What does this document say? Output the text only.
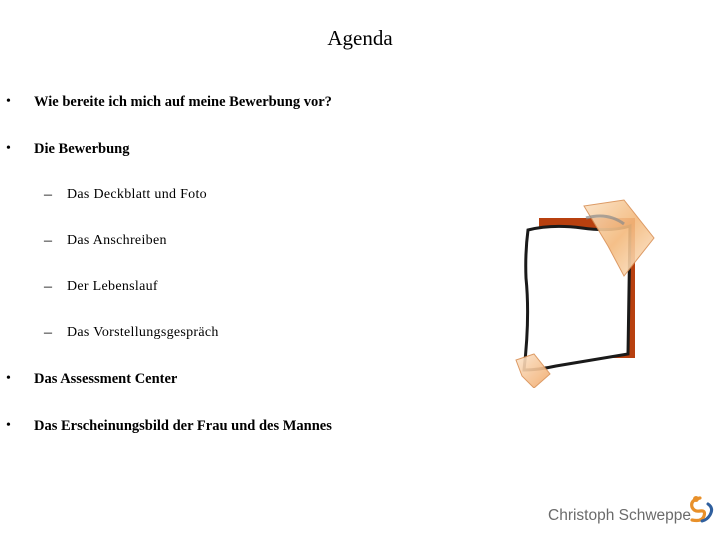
Agenda
• Wie bereite ich mich auf meine Bewerbung vor?
• Die Bewerbung
– Das Deckblatt und Foto
– Das Anschreiben
– Der Lebenslauf
– Das Vorstellungsgespräch
• Das Assessment Center
• Das Erscheinungsbild der Frau und des Mannes
Christoph Schweppe
